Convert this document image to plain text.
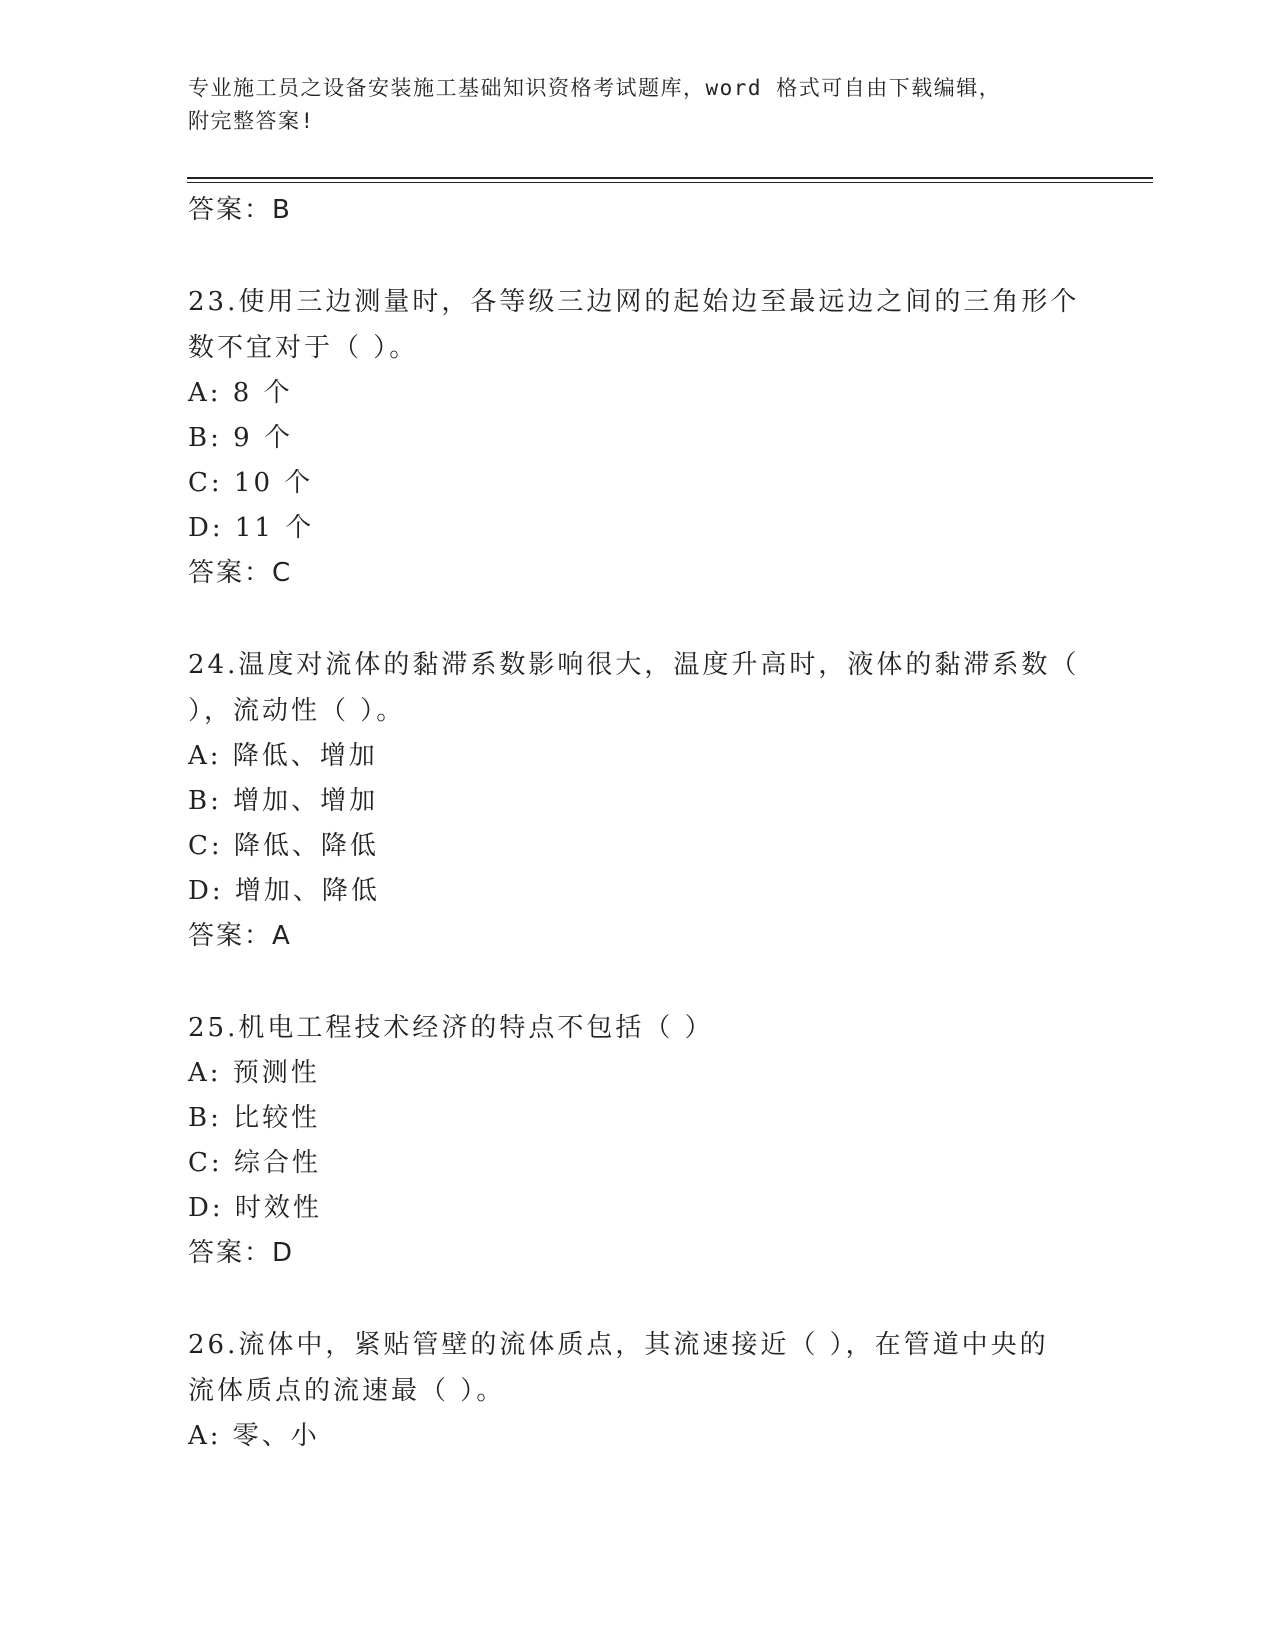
专业施工员之设备安装施工基础知识资格考试题库，word 格式可自由下载编辑，
附完整答案!
答案：B
23.使用三边测量时，各等级三边网的起始边至最远边之间的三角形个
数不宜对于（ ）。
A: 8 个
B: 9 个
C: 10 个
D: 11 个
答案：C
24.温度对流体的黏滞系数影响很大，温度升高时，液体的黏滞系数（
），流动性（ ）。
A: 降低、增加
B: 增加、增加
C: 降低、降低
D: 增加、降低
答案：A
25.机电工程技术经济的特点不包括（ ）
A: 预测性
B: 比较性
C: 综合性
D: 时效性
答案：D
26.流体中，紧贴管壁的流体质点，其流速接近（ ），在管道中央的
流体质点的流速最（ ）。
A: 零、小
